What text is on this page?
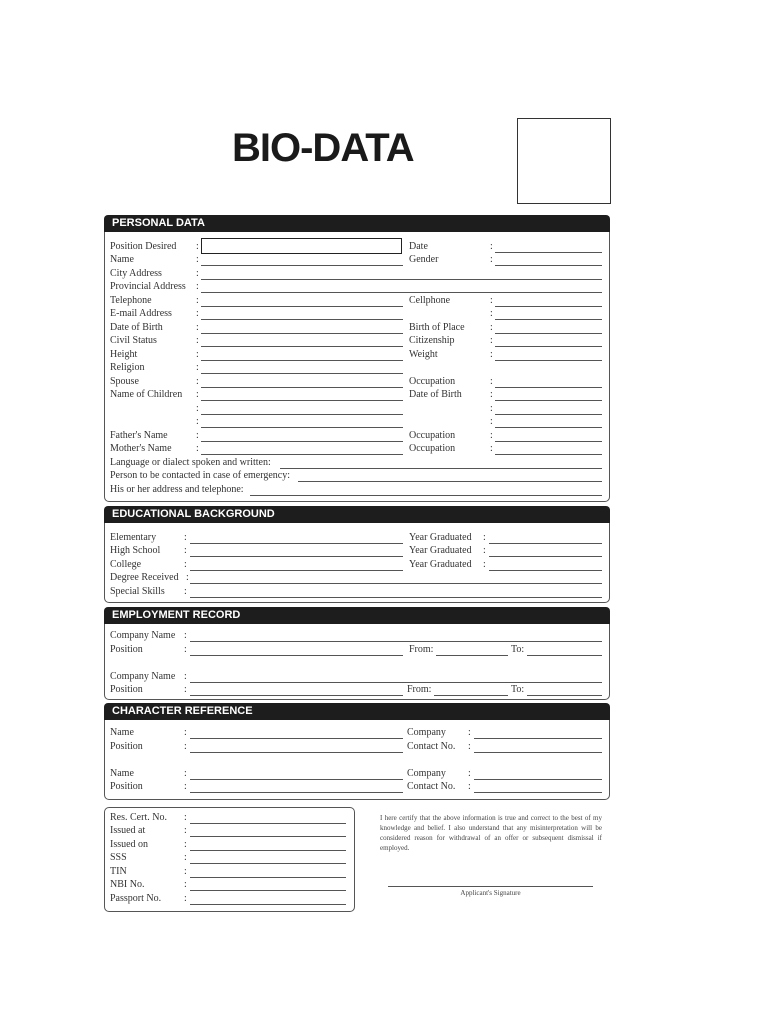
BIO-DATA
PERSONAL DATA
Position Desired
Name
City Address
Provincial Address
Telephone
E-mail Address
Date of Birth
Civil Status
Height
Religion
Spouse
Name of Children
Father's Name
Mother's Name
Language or dialect spoken and written:
Person to be contacted in case of emergency:
His or her address and telephone:
:
:
:
:
:
:
:
:
:
:
:
:
:
:
:
:
Date
Gender
Cellphone
Birth of Place
Citizenship
Weight
Occupation
Date of Birth
Occupation
Occupation
:
:
:
:
:
:
:
:
:
:
:
:
:
EDUCATIONAL BACKGROUND
Elementary
High School
College
Degree Received
Special Skills
:
:
:
:
:
Year Graduated
Year Graduated
Year Graduated
:
:
:
EMPLOYMENT RECORD
Company Name
Position
Company Name
Position
:
:
:
:
From:	To:
From:	To:
CHARACTER REFERENCE
Name
Position
Name
Position
:
:
:
:
Company
Contact No.
Company
Contact No.
:
:
:
:
Res. Cert. No.
Issued at
Issued on
SSS
TIN
NBI No.
Passport No.
:
:
:
:
:
:
:
I here certify that the above information is true and correct to the best of my knowledge and belief. I also understand that any misinterpretation will be considered reason for withdrawal of an offer or subsequent dismissal if employed.
Applicant's Signature
